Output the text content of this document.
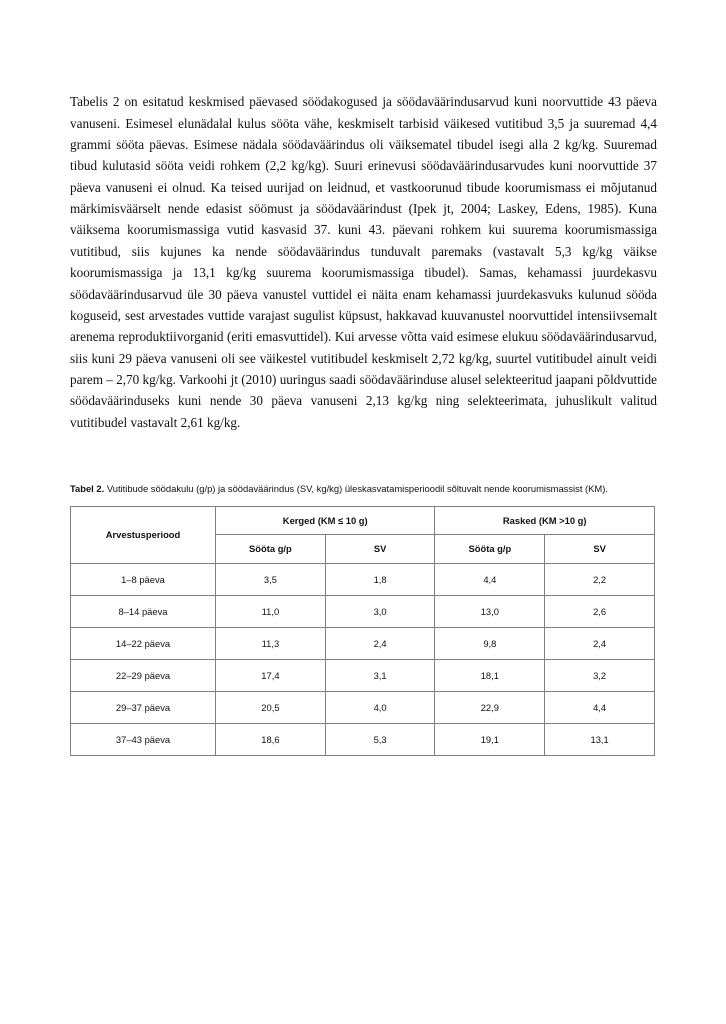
Tabelis 2 on esitatud keskmised päevased söödakogused ja söödaväärindusarvud kuni noorvuttide 43 päeva vanuseni. Esimesel elunädalal kulus sööta vähe, keskmiselt tarbisid väikesed vutitibud 3,5 ja suuremad 4,4 grammi sööta päevas. Esimese nädala söödaväärindus oli väiksematel tibudel isegi alla 2 kg/kg. Suuremad tibud kulutasid sööta veidi rohkem (2,2 kg/kg). Suuri erinevusi söödaväärindusarvudes kuni noorvuttide 37 päeva vanuseni ei olnud. Ka teised uurijad on leidnud, et vastkoorunud tibude koorumismass ei mõjutanud märkimisväärselt nende edasist söömust ja söödaväärindust (Ipek jt, 2004; Laskey, Edens, 1985). Kuna väiksema koorumismassiga vutid kasvasid 37. kuni 43. päevani rohkem kui suurema koorumismassiga vutitibud, siis kujunes ka nende söödaväärindus tunduvalt paremaks (vastavalt 5,3 kg/kg väikse koorumismassiga ja 13,1 kg/kg suurema koorumismassiga tibudel). Samas, kehamassi juurdekasvu söödaväärindusarvud üle 30 päeva vanustel vuttidel ei näita enam kehamassi juurdekasvuks kulunud sööda koguseid, sest arvestades vuttide varajast sugulist küpsust, hakkavad kuuvanustel noorvuttidel intensiivsemalt arenema reproduktiivorganid (eriti emasvuttidel). Kui arvesse võtta vaid esimese elukuu söödaväärindusarvud, siis kuni 29 päeva vanuseni oli see väikestel vutitibudel keskmiselt 2,72 kg/kg, suurtel vutitibudel ainult veidi parem – 2,70 kg/kg. Varkoohi jt (2010) uuringus saadi söödaväärinduse alusel selekteeritud jaapani põldvuttide söödaväärinduseks kuni nende 30 päeva vanuseni 2,13 kg/kg ning selekteerimata, juhuslikult valitud vutitibudel vastavalt 2,61 kg/kg.

Tabel 2. Vutitibude söödakulu (g/p) ja söödaväärindus (SV, kg/kg) üleskasvatamisperioodil sõltuvalt nende koorumismassist (KM).
Arvestusperiood	Kerged (KM ≤ 10 g)		Rasked (KM >10 g)	
	Sööta g/p	SV	Sööta g/p	SV
1–8 päeva	3,5	1,8	4,4	2,2
8–14 päeva	11,0	3,0	13,0	2,6
14–22 päeva	11,3	2,4	9,8	2,4
22–29 päeva	17,4	3,1	18,1	3,2
29–37 päeva	20,5	4,0	22,9	4,4
37–43 päeva	18,6	5,3	19,1	13,1
